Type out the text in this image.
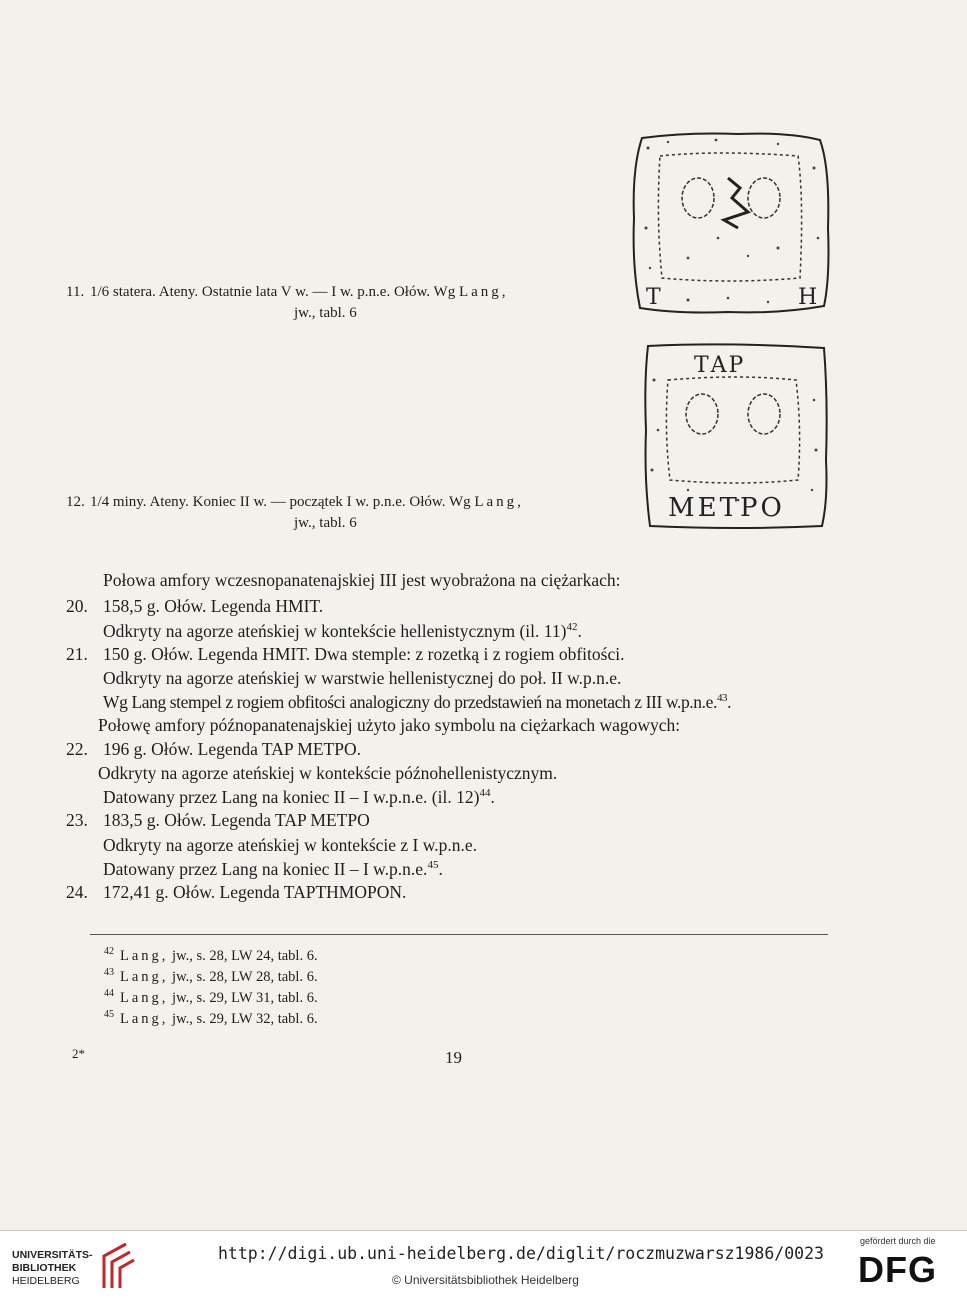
11. 1/6 statera. Ateny. Ostatnie lata V w. — I w. p.n.e. Ołów. Wg Lang,
jw., tabl. 6
Τ	Η
12. 1/4 miny. Ateny. Koniec II w. — początek I w. p.n.e. Ołów. Wg Lang,
jw., tabl. 6
ΤΑΡ
ΜΕΤΡΟ
Połowa amfory wczesnopanatenajskiej III jest wyobrażona na ciężarkach:
20. 158,5 g. Ołów. Legenda HMIT.
Odkryty na agorze ateńskiej w kontekście hellenistycznym (il. 11)$^{42}$.
21. 150 g. Ołów. Legenda HMIT. Dwa stemple: z rozetką i z rogiem obfitości.
Odkryty na agorze ateńskiej w warstwie hellenistycznej do poł. II w.p.n.e.
Wg Lang stempel z rogiem obfitości analogiczny do przedstawień na monetach z III w.p.n.e.$^{43}$.
Połowę amfory późnopanatenajskiej użyto jako symbolu na ciężarkach wagowych:
22. 196 g. Ołów. Legenda TAP METPO.
Odkryty na agorze ateńskiej w kontekście późnohellenistycznym.
Datowany przez Lang na koniec II – I w.p.n.e. (il. 12)$^{44}$.
23. 183,5 g. Ołów. Legenda TAP METPO
Odkryty na agorze ateńskiej w kontekście z I w.p.n.e.
Datowany przez Lang na koniec II – I w.p.n.e.$^{45}$.
24. 172,41 g. Ołów. Legenda TAPTHMOPON.
$^{42}$ Lang, jw., s. 28, LW 24, tabl. 6.
$^{43}$ Lang, jw., s. 28, LW 28, tabl. 6.
$^{44}$ Lang, jw., s. 29, LW 31, tabl. 6.
$^{45}$ Lang, jw., s. 29, LW 32, tabl. 6.
2*	19
UNIVERSITÄTS-
BIBLIOTHEK
HEIDELBERG
http://digi.ub.uni-heidelberg.de/diglit/roczmuzwarsz1986/0023
© Universitätsbibliothek Heidelberg
gefördert durch die
DFG
